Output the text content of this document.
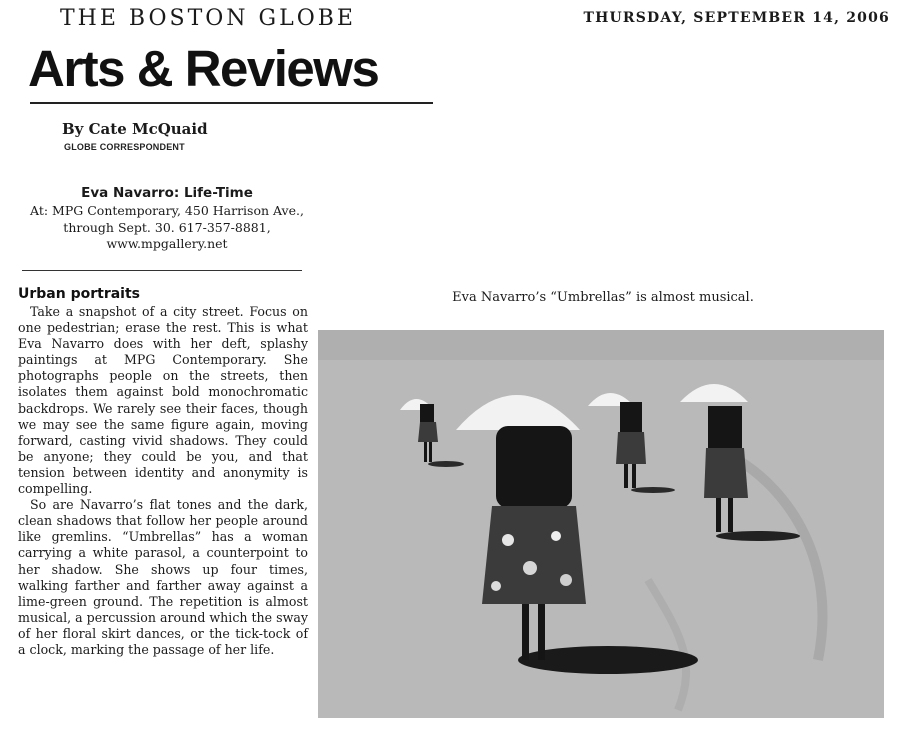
THE BOSTON GLOBE	THURSDAY, SEPTEMBER 14, 2006
Arts & Reviews
By Cate McQuaid
GLOBE CORRESPONDENT
Eva Navarro: Life-Time
At: MPG Contemporary, 450 Harrison Ave.,
through Sept. 30. 617-357-8881,
www.mpgallery.net
Urban portraits

Take a snapshot of a city street. Focus on one pedestrian; erase the rest. This is what Eva Navarro does with her deft, splashy paintings at MPG Contemporary. She photographs people on the streets, then isolates them against bold monochromatic backdrops. We rarely see their faces, though we may see the same figure again, moving forward, casting vivid shadows. They could be anyone; they could be you, and that tension between identity and anonymity is compelling.

So are Navarro’s flat tones and the dark, clean shadows that follow her people around like gremlins. “Umbrellas” has a woman carrying a white parasol, a counterpoint to her shadow. She shows up four times, walking farther and farther away against a lime-green ground. The repetition is almost musical, a percussion around which the sway of her floral skirt dances, or the tick-tock of a clock, marking the passage of her life.

Eva Navarro’s “Umbrellas” is almost musical.
